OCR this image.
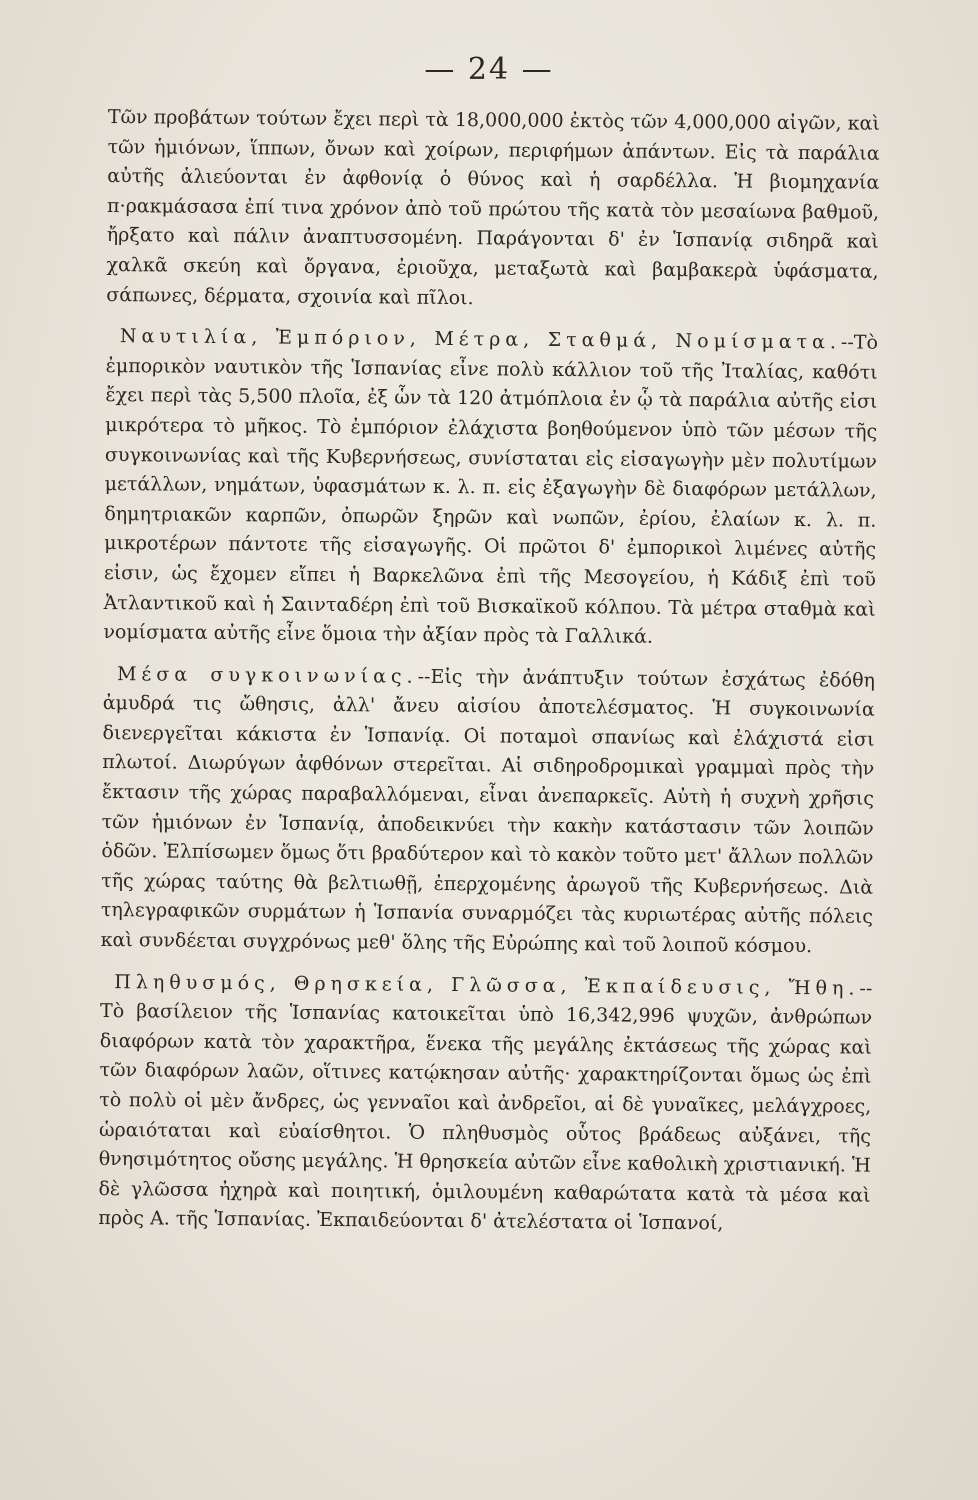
— 24 —

Τῶν προβάτων τούτων ἔχει περὶ τὰ 18,000,000 ἐκτὸς τῶν 4,000,000 αἰγῶν, καὶ τῶν ἡμιόνων, ἵππων, ὄνων καὶ χοίρων, περιφήμων ἁπάντων. Εἰς τὰ παράλια αὐτῆς ἁλιεύονται ἐν ἀφθονίᾳ ὁ θύνος καὶ ἡ σαρδέλλα. Ἡ βιομηχανία π·ρακμάσασα ἐπί τινα χρόνον ἀπὸ τοῦ πρώτου τῆς κατὰ τὸν μεσαίωνα βαθμοῦ, ἤρξατο καὶ πάλιν ἀναπτυσσομένη. Παράγονται δ' ἐν Ἱσπανίᾳ σιδηρᾶ καὶ χαλκᾶ σκεύη καὶ ὄργανα, ἐριοῦχα, μεταξωτὰ καὶ βαμβακερὰ ὑφάσματα, σάπωνες, δέρματα, σχοινία καὶ πῖλοι.

Ναυτιλία, Ἐμπόριον, Μέτρα, Σταθμά, Νομίσματα.--Τὸ ἐμπορικὸν ναυτικὸν τῆς Ἱσπανίας εἶνε πολὺ κάλλιον τοῦ τῆς Ἰταλίας, καθότι ἔχει περὶ τὰς 5,500 πλοῖα, ἐξ ὧν τὰ 120 ἀτμόπλοια ἐν ᾧ τὰ παράλια αὐτῆς εἰσι μικρότερα τὸ μῆκος. Τὸ ἐμπόριον ἐλάχιστα βοηθούμενον ὑπὸ τῶν μέσων τῆς συγκοινωνίας καὶ τῆς Κυβερνήσεως, συνίσταται εἰς εἰσαγωγὴν μὲν πολυτίμων μετάλλων, νημάτων, ὑφασμάτων κ. λ. π. εἰς ἐξαγωγὴν δὲ διαφόρων μετάλλων, δημητριακῶν καρπῶν, ὀπωρῶν ξηρῶν καὶ νωπῶν, ἐρίου, ἐλαίων κ. λ. π. μικροτέρων πάντοτε τῆς εἰσαγωγῆς. Οἱ πρῶτοι δ' ἐμπορικοὶ λιμένες αὐτῆς εἰσιν, ὡς ἔχομεν εἴπει ἡ Βαρκελῶνα ἐπὶ τῆς Μεσογείου, ἡ Κάδιξ ἐπὶ τοῦ Ἀτλαντικοῦ καὶ ἡ Σαινταδέρη ἐπὶ τοῦ Βισκαϊκοῦ κόλπου. Τὰ μέτρα σταθμὰ καὶ νομίσματα αὐτῆς εἶνε ὅμοια τὴν ἀξίαν πρὸς τὰ Γαλλικά.

Μέσα συγκοινωνίας.--Εἰς τὴν ἀνάπτυξιν τούτων ἐσχάτως ἐδόθη ἀμυδρά τις ὤθησις, ἀλλ' ἄνευ αἰσίου ἀποτελέσματος. Ἡ συγκοινωνία διενεργεῖται κάκιστα ἐν Ἱσπανίᾳ. Οἱ ποταμοὶ σπανίως καὶ ἐλάχιστά εἰσι πλωτοί. Διωρύγων ἀφθόνων στερεῖται. Αἱ σιδηροδρομικαὶ γραμμαὶ πρὸς τὴν ἔκτασιν τῆς χώρας παραβαλλόμεναι, εἶναι ἀνεπαρκεῖς. Αὐτὴ ἡ συχνὴ χρῆσις τῶν ἡμιόνων ἐν Ἱσπανίᾳ, ἀποδεικνύει τὴν κακὴν κατάστασιν τῶν λοιπῶν ὁδῶν. Ἐλπίσωμεν ὅμως ὅτι βραδύτερον καὶ τὸ κακὸν τοῦτο μετ' ἄλλων πολλῶν τῆς χώρας ταύτης θὰ βελτιωθῇ, ἐπερχομένης ἀρωγοῦ τῆς Κυβερνήσεως. Διὰ τηλεγραφικῶν συρμάτων ἡ Ἱσπανία συναρμόζει τὰς κυριωτέρας αὐτῆς πόλεις καὶ συνδέεται συγχρόνως μεθ' ὅλης τῆς Εὐρώπης καὶ τοῦ λοιποῦ κόσμου.

Πληθυσμός, Θρησκεία, Γλῶσσα, Ἐκπαίδευσις, Ἤθη.--Τὸ βασίλειον τῆς Ἱσπανίας κατοικεῖται ὑπὸ 16,342,996 ψυχῶν, ἀνθρώπων διαφόρων κατὰ τὸν χαρακτῆρα, ἕνεκα τῆς μεγάλης ἐκτάσεως τῆς χώρας καὶ τῶν διαφόρων λαῶν, οἵτινες κατῴκησαν αὐτῆς· χαρακτηρίζονται ὅμως ὡς ἐπὶ τὸ πολὺ οἱ μὲν ἄνδρες, ὡς γενναῖοι καὶ ἀνδρεῖοι, αἱ δὲ γυναῖκες, μελάγχροες, ὡραιόταται καὶ εὐαίσθητοι. Ὁ πληθυσμὸς οὗτος βράδεως αὐξάνει, τῆς θνησιμότητος οὔσης μεγάλης. Ἡ θρησκεία αὐτῶν εἶνε καθολικὴ χριστιανική. Ἡ δὲ γλῶσσα ἠχηρὰ καὶ ποιητική, ὁμιλουμένη καθαρώτατα κατὰ τὰ μέσα καὶ πρὸς Α. τῆς Ἱσπανίας. Ἐκπαιδεύονται δ' ἀτελέστατα οἱ Ἱσπανοί,
